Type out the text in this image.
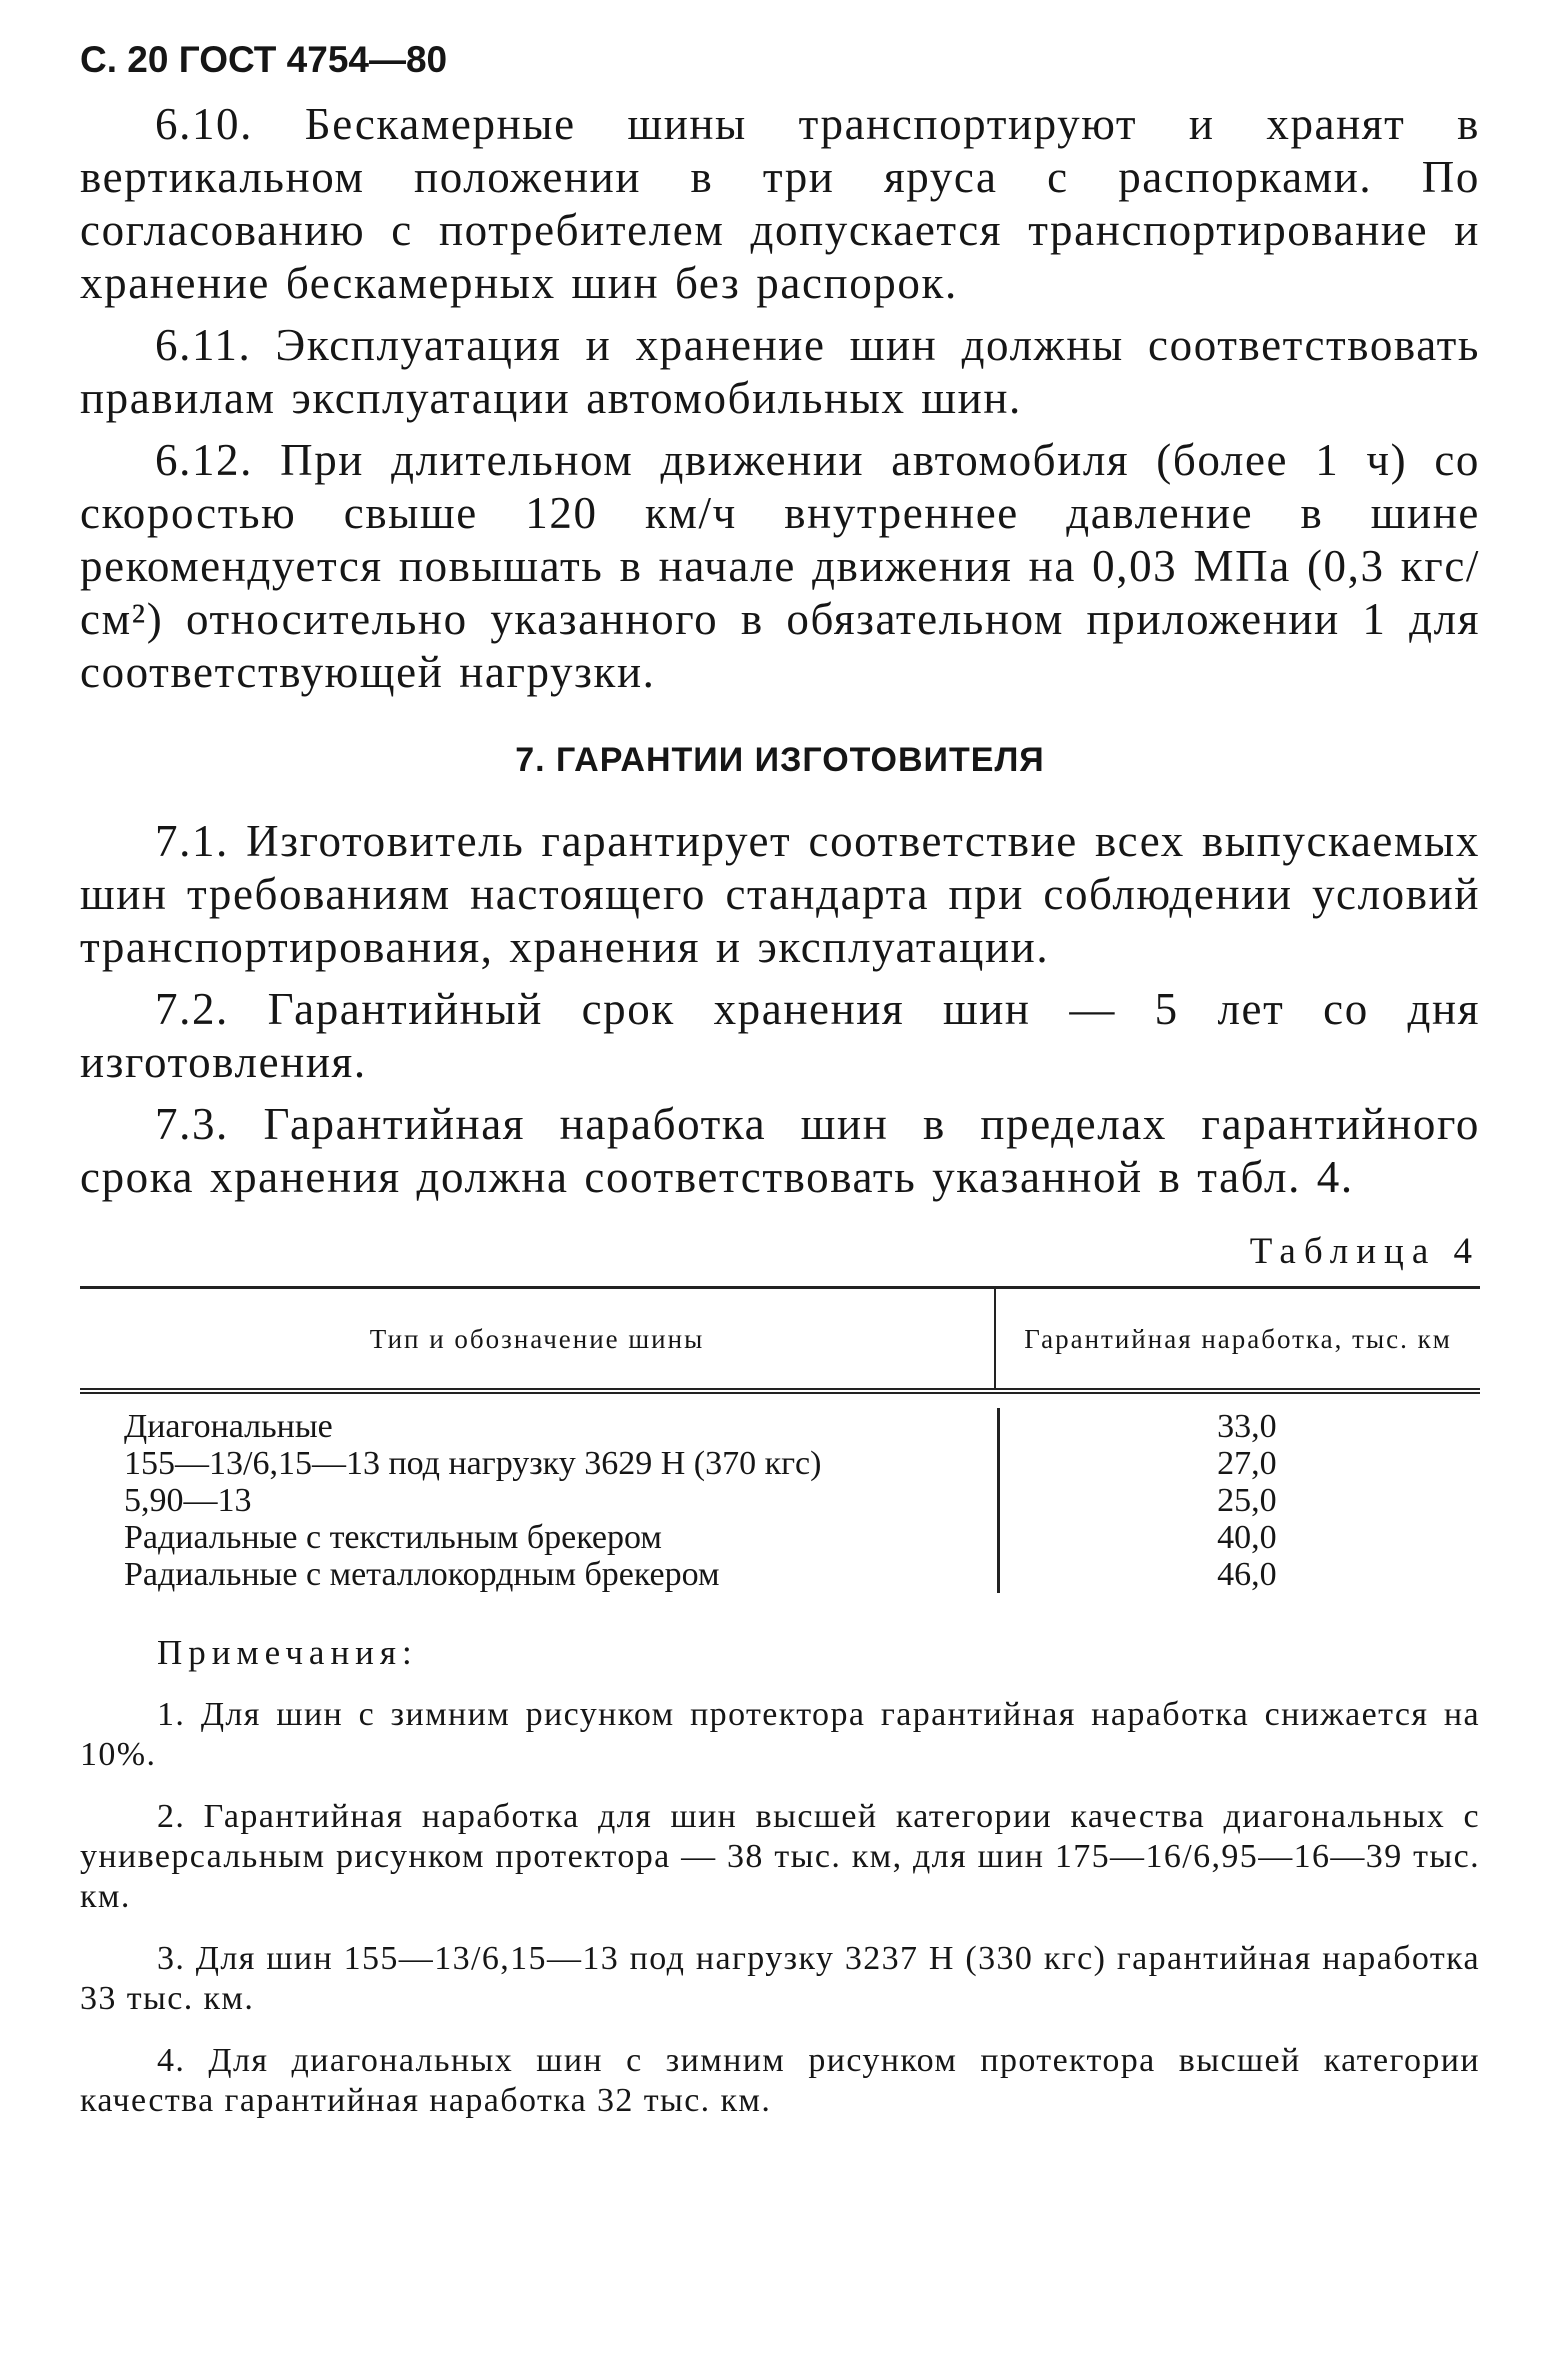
С. 20 ГОСТ 4754—80

6.10. Бескамерные шины транспортируют и хранят в вертикальном положении в три яруса с распорками. По согласованию с потребителем допускается транспортирование и хранение бескамерных шин без распорок.

6.11. Эксплуатация и хранение шин должны соответствовать правилам эксплуатации автомобильных шин.

6.12. При длительном движении автомобиля (более 1 ч) со скоростью свыше 120 км/ч внутреннее давление в шине рекомендуется повышать в начале движения на 0,03 МПа (0,3 кгс/см²) относительно указанного в обязательном приложении 1 для соответствующей нагрузки.

7. ГАРАНТИИ ИЗГОТОВИТЕЛЯ

7.1. Изготовитель гарантирует соответствие всех выпускаемых шин требованиям настоящего стандарта при соблюдении условий транспортирования, хранения и эксплуатации.

7.2. Гарантийный срок хранения шин — 5 лет со дня изготовления.

7.3. Гарантийная наработка шин в пределах гарантийного срока хранения должна соответствовать указанной в табл. 4.

Таблица 4
Тип и обозначение шины	Гарантийная наработка, тыс. км
Диагональные
155—13/6,15—13 под нагрузку 3629 Н (370 кгс)
5,90—13
Радиальные с текстильным брекером
Радиальные с металлокордным брекером
33,0
27,0
25,0
40,0
46,0
Примечания:

1. Для шин с зимним рисунком протектора гарантийная наработка снижается на 10%.

2. Гарантийная наработка для шин высшей категории качества диагональных с универсальным рисунком протектора — 38 тыс. км, для шин 175—16/6,95—16—39 тыс. км.

3. Для шин 155—13/6,15—13 под нагрузку 3237 Н (330 кгс) гарантийная наработка 33 тыс. км.

4. Для диагональных шин с зимним рисунком протектора высшей категории качества гарантийная наработка 32 тыс. км.
